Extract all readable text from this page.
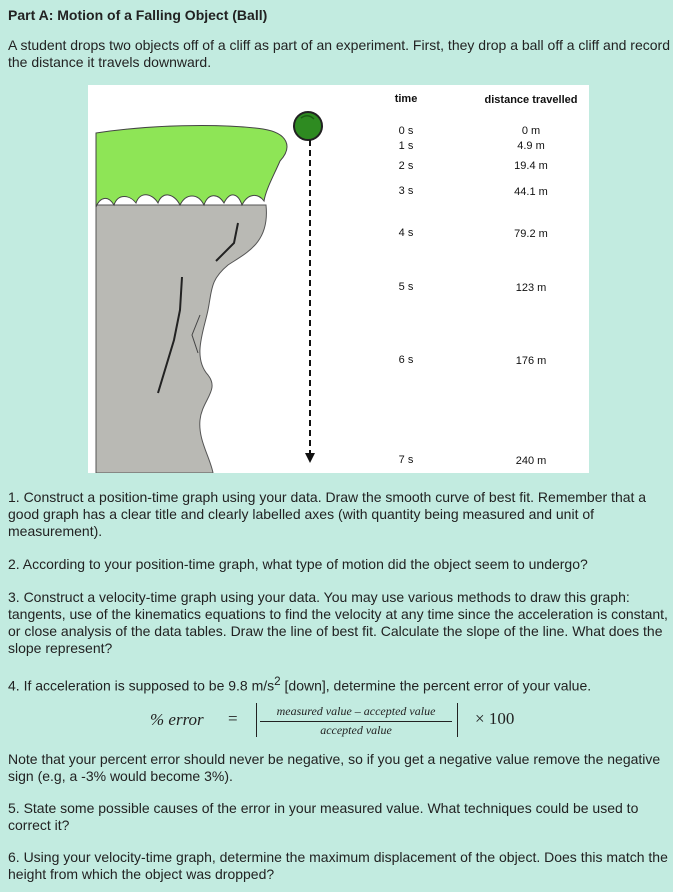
Part A: Motion of a Falling Object (Ball)

A student drops two objects off of a cliff as part of an experiment. First, they drop a ball off a cliff and record the distance it travels downward.

time	distance travelled
0 s	0 m
1 s	4.9 m
2 s	19.4 m
3 s	44.1 m
4 s	79.2 m
5 s	123 m
6 s	176 m
7 s	240 m

1. Construct a position-time graph using your data. Draw the smooth curve of best fit. Remember that a good graph has a clear title and clearly labelled axes (with quantity being measured and unit of measurement).

2. According to your position-time graph, what type of motion did the object seem to undergo?

3. Construct a velocity-time graph using your data. You may use various methods to draw this graph: tangents, use of the kinematics equations to find the velocity at any time since the acceleration is constant, or close analysis of the data tables. Draw the line of best fit. Calculate the slope of the line. What does the slope represent?

4. If acceleration is supposed to be 9.8 $m/s^2$ [down], determine the percent error of your value.

% error =	measured value – accepted value
accepted value
× 100

Note that your percent error should never be negative, so if you get a negative value remove the negative sign (e.g, a -3% would become 3%).

5. State some possible causes of the error in your measured value. What techniques could be used to correct it?

6. Using your velocity-time graph, determine the maximum displacement of the object. Does this match the height from which the object was dropped?
